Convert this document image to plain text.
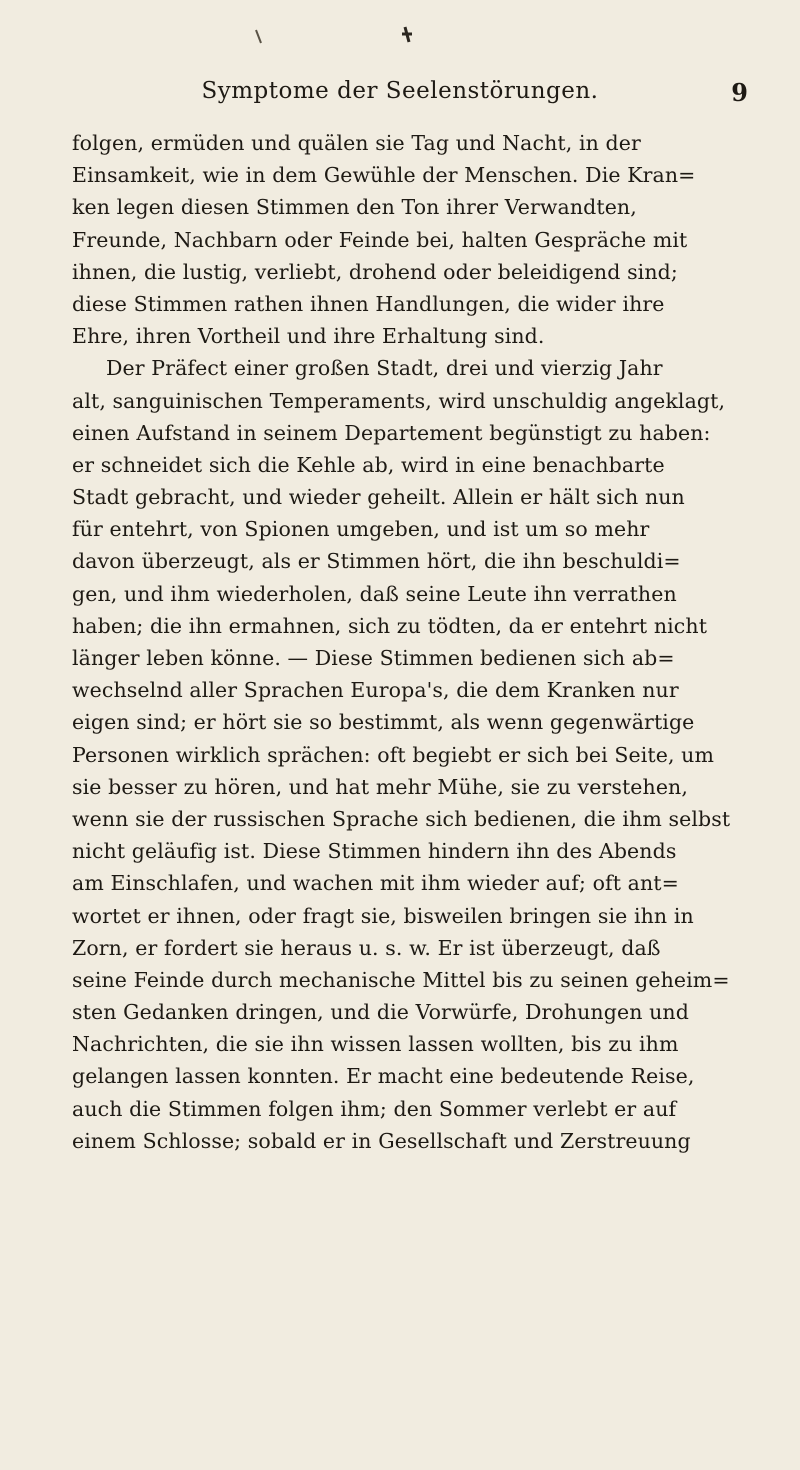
Symptome der Seelenstörungen.	9
folgen, ermüden und quälen sie Tag und Nacht, in der
Einsamkeit, wie in dem Gewühle der Menschen. Die Kran=
ken legen diesen Stimmen den Ton ihrer Verwandten,
Freunde, Nachbarn oder Feinde bei, halten Gespräche mit
ihnen, die lustig, verliebt, drohend oder beleidigend sind;
diese Stimmen rathen ihnen Handlungen, die wider ihre
Ehre, ihren Vortheil und ihre Erhaltung sind.
Der Präfect einer großen Stadt, drei und vierzig Jahr
alt, sanguinischen Temperaments, wird unschuldig angeklagt,
einen Aufstand in seinem Departement begünstigt zu haben:
er schneidet sich die Kehle ab, wird in eine benachbarte
Stadt gebracht, und wieder geheilt. Allein er hält sich nun
für entehrt, von Spionen umgeben, und ist um so mehr
davon überzeugt, als er Stimmen hört, die ihn beschuldi=
gen, und ihm wiederholen, daß seine Leute ihn verrathen
haben; die ihn ermahnen, sich zu tödten, da er entehrt nicht
länger leben könne. — Diese Stimmen bedienen sich ab=
wechselnd aller Sprachen Europa's, die dem Kranken nur
eigen sind; er hört sie so bestimmt, als wenn gegenwärtige
Personen wirklich sprächen: oft begiebt er sich bei Seite, um
sie besser zu hören, und hat mehr Mühe, sie zu verstehen,
wenn sie der russischen Sprache sich bedienen, die ihm selbst
nicht geläufig ist. Diese Stimmen hindern ihn des Abends
am Einschlafen, und wachen mit ihm wieder auf; oft ant=
wortet er ihnen, oder fragt sie, bisweilen bringen sie ihn in
Zorn, er fordert sie heraus u. s. w. Er ist überzeugt, daß
seine Feinde durch mechanische Mittel bis zu seinen geheim=
sten Gedanken dringen, und die Vorwürfe, Drohungen und
Nachrichten, die sie ihn wissen lassen wollten, bis zu ihm
gelangen lassen konnten. Er macht eine bedeutende Reise,
auch die Stimmen folgen ihm; den Sommer verlebt er auf
einem Schlosse; sobald er in Gesellschaft und Zerstreuung
